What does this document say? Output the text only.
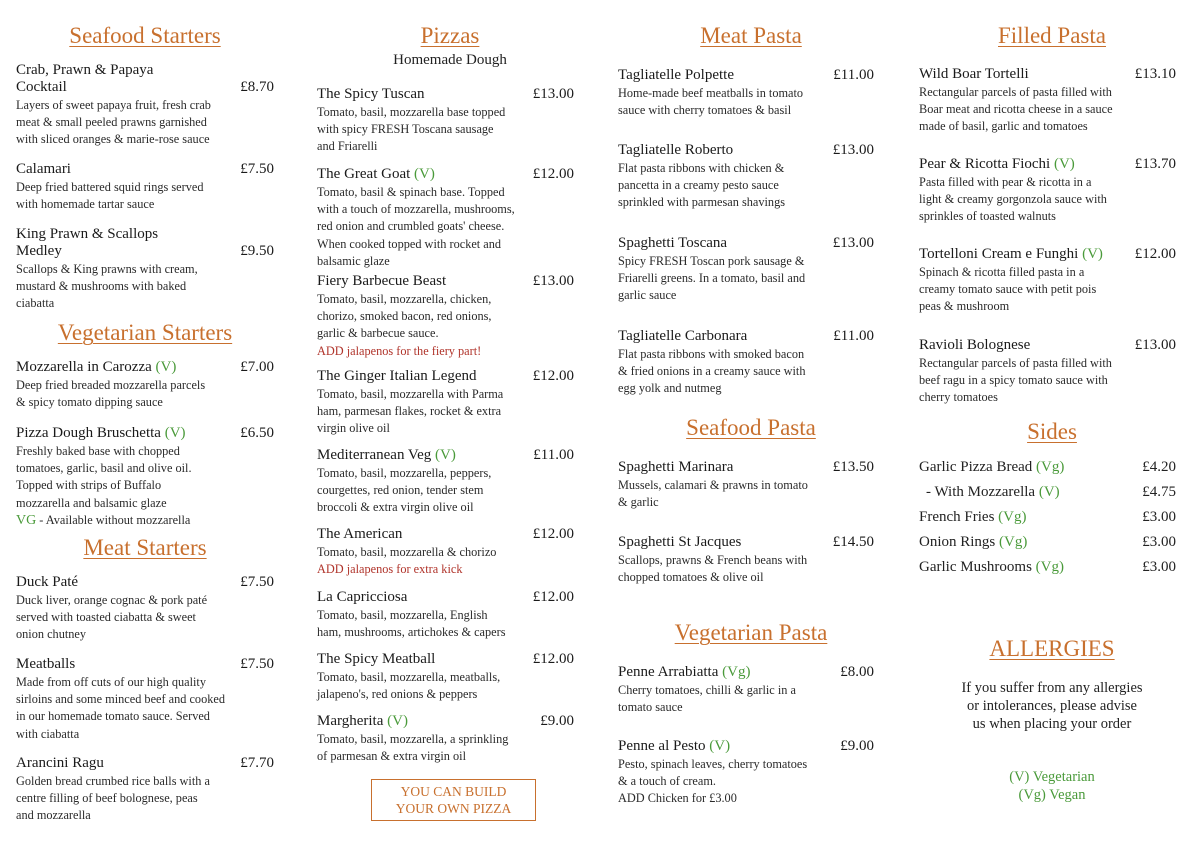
Seafood Starters
Crab, Prawn & Papaya
Cocktail	£8.70
Layers of sweet papaya fruit, fresh crab
meat & small peeled prawns garnished
with sliced oranges & marie-rose sauce
Calamari	£7.50
Deep fried battered squid rings served
with homemade tartar sauce
King Prawn & Scallops
Medley	£9.50
Scallops & King prawns with cream,
mustard & mushrooms with baked
ciabatta
Vegetarian Starters
Mozzarella in Carozza (V)	£7.00
Deep fried breaded mozzarella parcels
& spicy tomato dipping sauce
Pizza Dough Bruschetta (V)	£6.50
Freshly baked base with chopped
tomatoes, garlic, basil and olive oil.
Topped with strips of Buffalo
mozzarella and balsamic glaze
VG - Available without mozzarella
Meat Starters
Duck Paté	£7.50
Duck liver, orange cognac & pork paté
served with toasted ciabatta & sweet
onion chutney
Meatballs	£7.50
Made from off cuts of our high quality
sirloins and some minced beef and cooked
in our homemade tomato sauce. Served
with ciabatta
Arancini Ragu	£7.70
Golden bread crumbed rice balls with a
centre filling of beef bolognese, peas
and mozzarella
Pizzas
Homemade Dough
The Spicy Tuscan	£13.00
Tomato, basil, mozzarella base topped
with spicy FRESH Toscana sausage
and Friarelli
The Great Goat (V)	£12.00
Tomato, basil & spinach base. Topped
with a touch of mozzarella, mushrooms,
red onion and crumbled goats' cheese.
When cooked topped with rocket and
balsamic glaze
Fiery Barbecue Beast	£13.00
Tomato, basil, mozzarella, chicken,
chorizo, smoked bacon, red onions,
garlic & barbecue sauce.
ADD jalapenos for the fiery part!
The Ginger Italian Legend	£12.00
Tomato, basil, mozzarella with Parma
ham, parmesan flakes, rocket & extra
virgin olive oil
Mediterranean Veg (V)	£11.00
Tomato, basil, mozzarella, peppers,
courgettes, red onion, tender stem
broccoli & extra virgin olive oil
The American	£12.00
Tomato, basil, mozzarella & chorizo
ADD jalapenos for extra kick
La Capricciosa	£12.00
Tomato, basil, mozzarella, English
ham, mushrooms, artichokes & capers
The Spicy Meatball	£12.00
Tomato, basil, mozzarella, meatballs,
jalapeno's, red onions & peppers
Margherita (V)	£9.00
Tomato, basil, mozzarella, a sprinkling
of parmesan & extra virgin oil
YOU CAN BUILD
YOUR OWN PIZZA
Meat Pasta
Tagliatelle Polpette	£11.00
Home-made beef meatballs in tomato
sauce with cherry tomatoes & basil
Tagliatelle Roberto	£13.00
Flat pasta ribbons with chicken &
pancetta in a creamy pesto sauce
sprinkled with parmesan shavings
Spaghetti Toscana	£13.00
Spicy FRESH Toscan pork sausage &
Friarelli greens. In a tomato, basil and
garlic sauce
Tagliatelle Carbonara	£11.00
Flat pasta ribbons with smoked bacon
& fried onions in a creamy sauce with
egg yolk and nutmeg
Seafood Pasta
Spaghetti Marinara	£13.50
Mussels, calamari & prawns in tomato
& garlic
Spaghetti St Jacques	£14.50
Scallops, prawns & French beans with
chopped tomatoes & olive oil
Vegetarian Pasta
Penne Arrabiatta (Vg)	£8.00
Cherry tomatoes, chilli & garlic in a
tomato sauce
Penne al Pesto (V)	£9.00
Pesto, spinach leaves, cherry tomatoes
& a touch of cream.
ADD Chicken for £3.00
Filled Pasta
Wild Boar Tortelli	£13.10
Rectangular parcels of pasta filled with
Boar meat and ricotta cheese in a sauce
made of basil, garlic and tomatoes
Pear & Ricotta Fiochi (V)	£13.70
Pasta filled with pear & ricotta in a
light & creamy gorgonzola sauce with
sprinkles of toasted walnuts
Tortelloni Cream e Funghi (V) £12.00
Spinach & ricotta filled pasta in a
creamy tomato sauce with petit pois
peas & mushroom
Ravioli Bolognese	£13.00
Rectangular parcels of pasta filled with
beef ragu in a spicy tomato sauce with
cherry tomatoes
Sides
Garlic Pizza Bread (Vg)	£4.20
- With Mozzarella (V)	£4.75
French Fries (Vg)	£3.00
Onion Rings (Vg)	£3.00
Garlic Mushrooms (Vg)	£3.00
ALLERGIES
If you suffer from any allergies
or intolerances, please advise
us when placing your order
(V) Vegetarian
(Vg) Vegan
